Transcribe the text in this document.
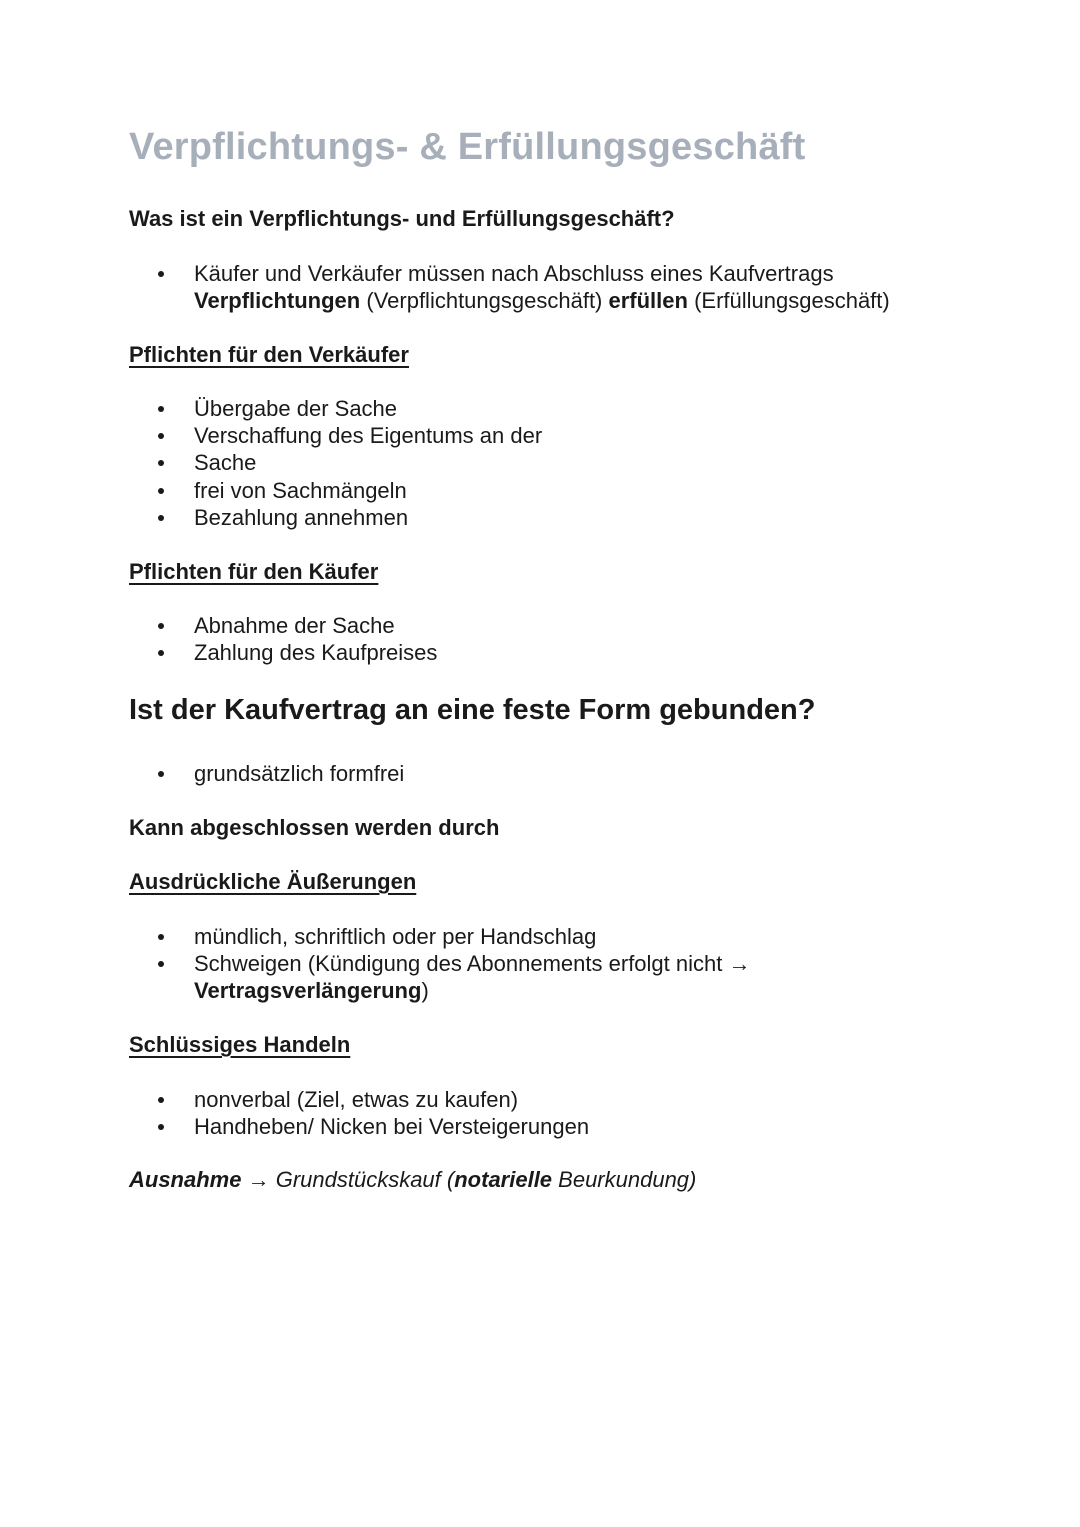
Verpflichtungs- & Erfüllungsgeschäft

Was ist ein Verpflichtungs- und Erfüllungsgeschäft?

Käufer und Verkäufer müssen nach Abschluss eines Kaufvertrags
Verpflichtungen (Verpflichtungsgeschäft) erfüllen (Erfüllungsgeschäft)

Pflichten für den Verkäufer

Übergabe der Sache
Verschaffung des Eigentums an der
Sache
frei von Sachmängeln
Bezahlung annehmen

Pflichten für den Käufer

Abnahme der Sache
Zahlung des Kaufpreises
Ist der Kaufvertrag an eine feste Form gebunden?
grundsätzlich formfrei

Kann abgeschlossen werden durch

Ausdrückliche Äußerungen

mündlich, schriftlich oder per Handschlag
Schweigen (Kündigung des Abonnements erfolgt nicht →
Vertragsverlängerung)

Schlüssiges Handeln

nonverbal (Ziel, etwas zu kaufen)
Handheben/ Nicken bei Versteigerungen

Ausnahme → Grundstückskauf (notarielle Beurkundung)
